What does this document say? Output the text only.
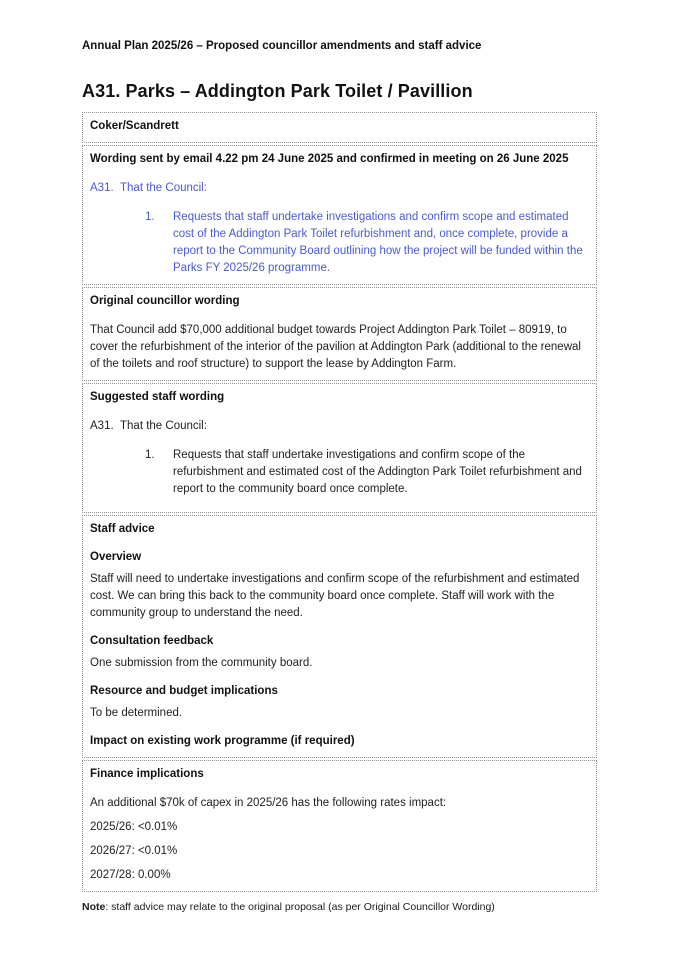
Annual Plan 2025/26 – Proposed councillor amendments and staff advice
A31. Parks – Addington Park Toilet / Pavillion
Coker/Scandrett
Wording sent by email 4.22 pm 24 June 2025 and confirmed in meeting on 26 June 2025
A31. That the Council:
1.	Requests that staff undertake investigations and confirm scope and estimated cost of the Addington Park Toilet refurbishment and, once complete, provide a report to the Community Board outlining how the project will be funded within the Parks FY 2025/26 programme.
Original councillor wording
That Council add $70,000 additional budget towards Project Addington Park Toilet – 80919, to cover the refurbishment of the interior of the pavilion at Addington Park (additional to the renewal of the toilets and roof structure) to support the lease by Addington Farm.
Suggested staff wording
A31. That the Council:
1.	Requests that staff undertake investigations and confirm scope of the refurbishment and estimated cost of the Addington Park Toilet refurbishment and report to the community board once complete.
Staff advice
Overview
Staff will need to undertake investigations and confirm scope of the refurbishment and estimated cost. We can bring this back to the community board once complete. Staff will work with the community group to understand the need.
Consultation feedback
One submission from the community board.
Resource and budget implications
To be determined.
Impact on existing work programme (if required)
Finance implications
An additional $70k of capex in 2025/26 has the following rates impact:
2025/26: <0.01%
2026/27: <0.01%
2027/28: 0.00%
Note: staff advice may relate to the original proposal (as per Original Councillor Wording)
